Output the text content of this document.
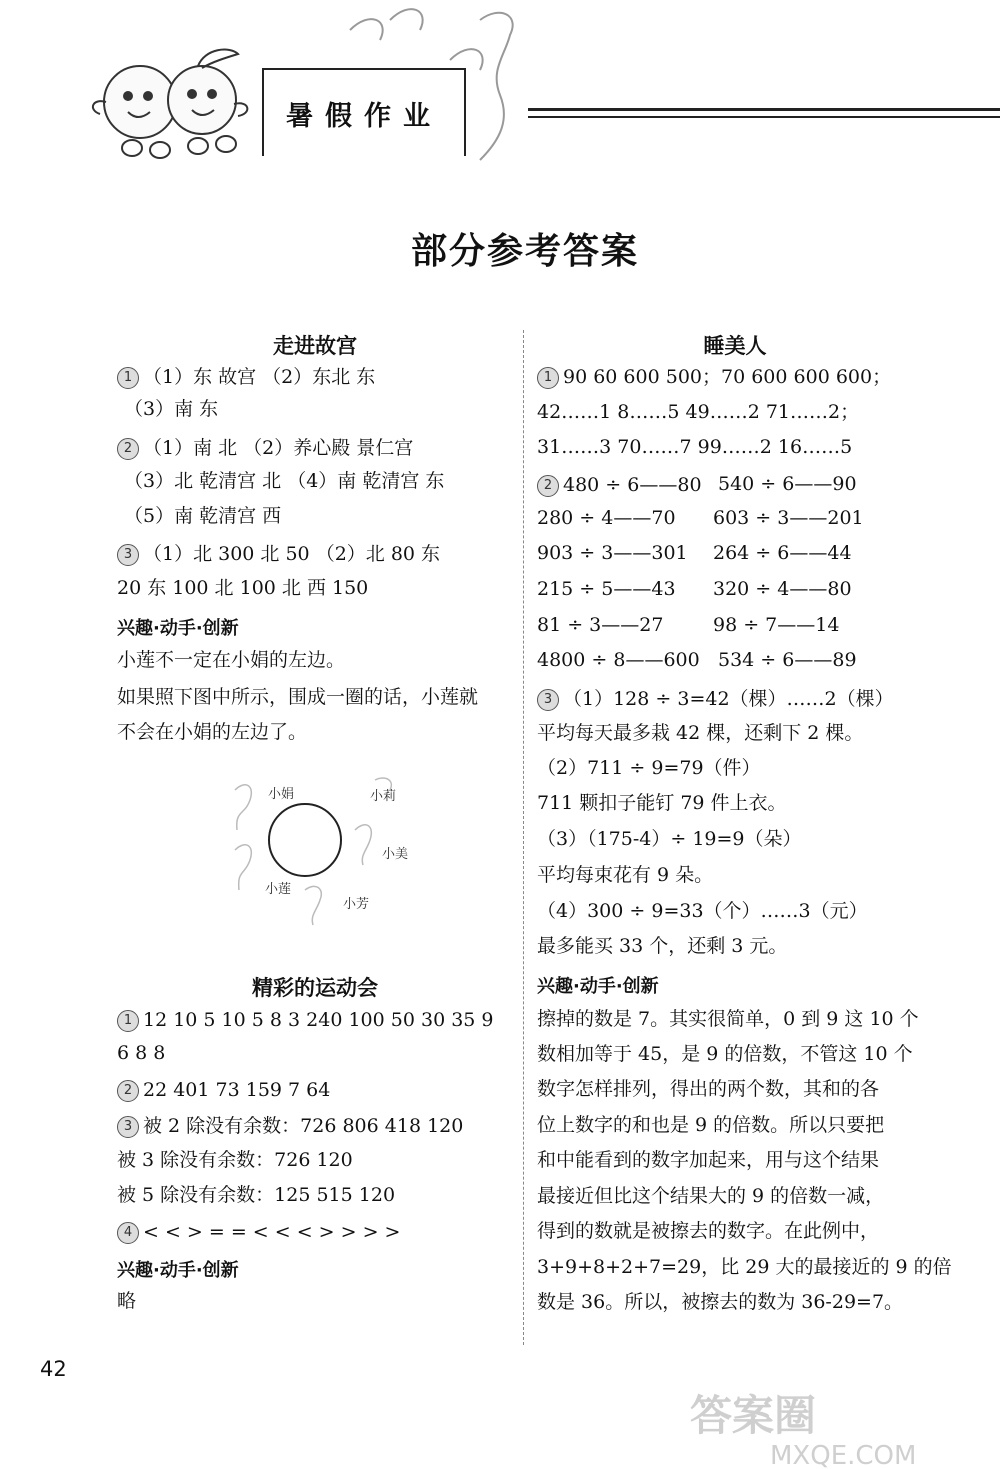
暑假作业
部分参考答案
走进故宫
1 （1）东 故宫 （2）东北 东
（3）南 东
2 （1）南 北 （2）养心殿 景仁宫
（3）北 乾清宫 北 （4）南 乾清宫 东
（5）南 乾清宫 西
3 （1）北 300 北 50 （2）北 80 东
20 东 100 北 100 北 西 150
兴趣·动手·创新
小莲不一定在小娟的左边。
如果照下图中所示，围成一圈的话，小莲就
不会在小娟的左边了。
小娟	小莉
小美
小莲
小芳
精彩的运动会
1 12 10 5 10 5 8 3 240 100 50 30 35 9
6 8 8
2 22 401 73 159 7 64
3 被 2 除没有余数：726 806 418 120
被 3 除没有余数：726 120
被 5 除没有余数：125 515 120
4 < < > = = < < < > > > >
兴趣·动手·创新
略
睡美人
1 90 60 600 500；70 600 600 600；
42……1 8……5 49……2 71……2；
31……3 70……7 99……2 16……5
2 480 ÷ 6——80 540 ÷ 6——90
280 ÷ 4——70 603 ÷ 3——201
903 ÷ 3——301 264 ÷ 6——44
215 ÷ 5——43 320 ÷ 4——80
81 ÷ 3——27	98 ÷ 7——14
4800 ÷ 8——600 534 ÷ 6——89
3 （1）128 ÷ 3=42（棵）……2（棵）
平均每天最多栽 42 棵，还剩下 2 棵。
（2）711 ÷ 9=79（件）
711 颗扣子能钉 79 件上衣。
（3）（175-4）÷ 19=9（朵）
平均每束花有 9 朵。
（4）300 ÷ 9=33（个）……3（元）
最多能买 33 个，还剩 3 元。
兴趣·动手·创新
擦掉的数是 7。其实很简单，0 到 9 这 10 个
数相加等于 45，是 9 的倍数，不管这 10 个
数字怎样排列，得出的两个数，其和的各
位上数字的和也是 9 的倍数。所以只要把
和中能看到的数字加起来，用与这个结果
最接近但比这个结果大的 9 的倍数一减，
得到的数就是被擦去的数字。在此例中，
3+9+8+2+7=29，比 29 大的最接近的 9 的倍
数是 36。所以，被擦去的数为 36-29=7。
42
答案圈
MXQE.COM
